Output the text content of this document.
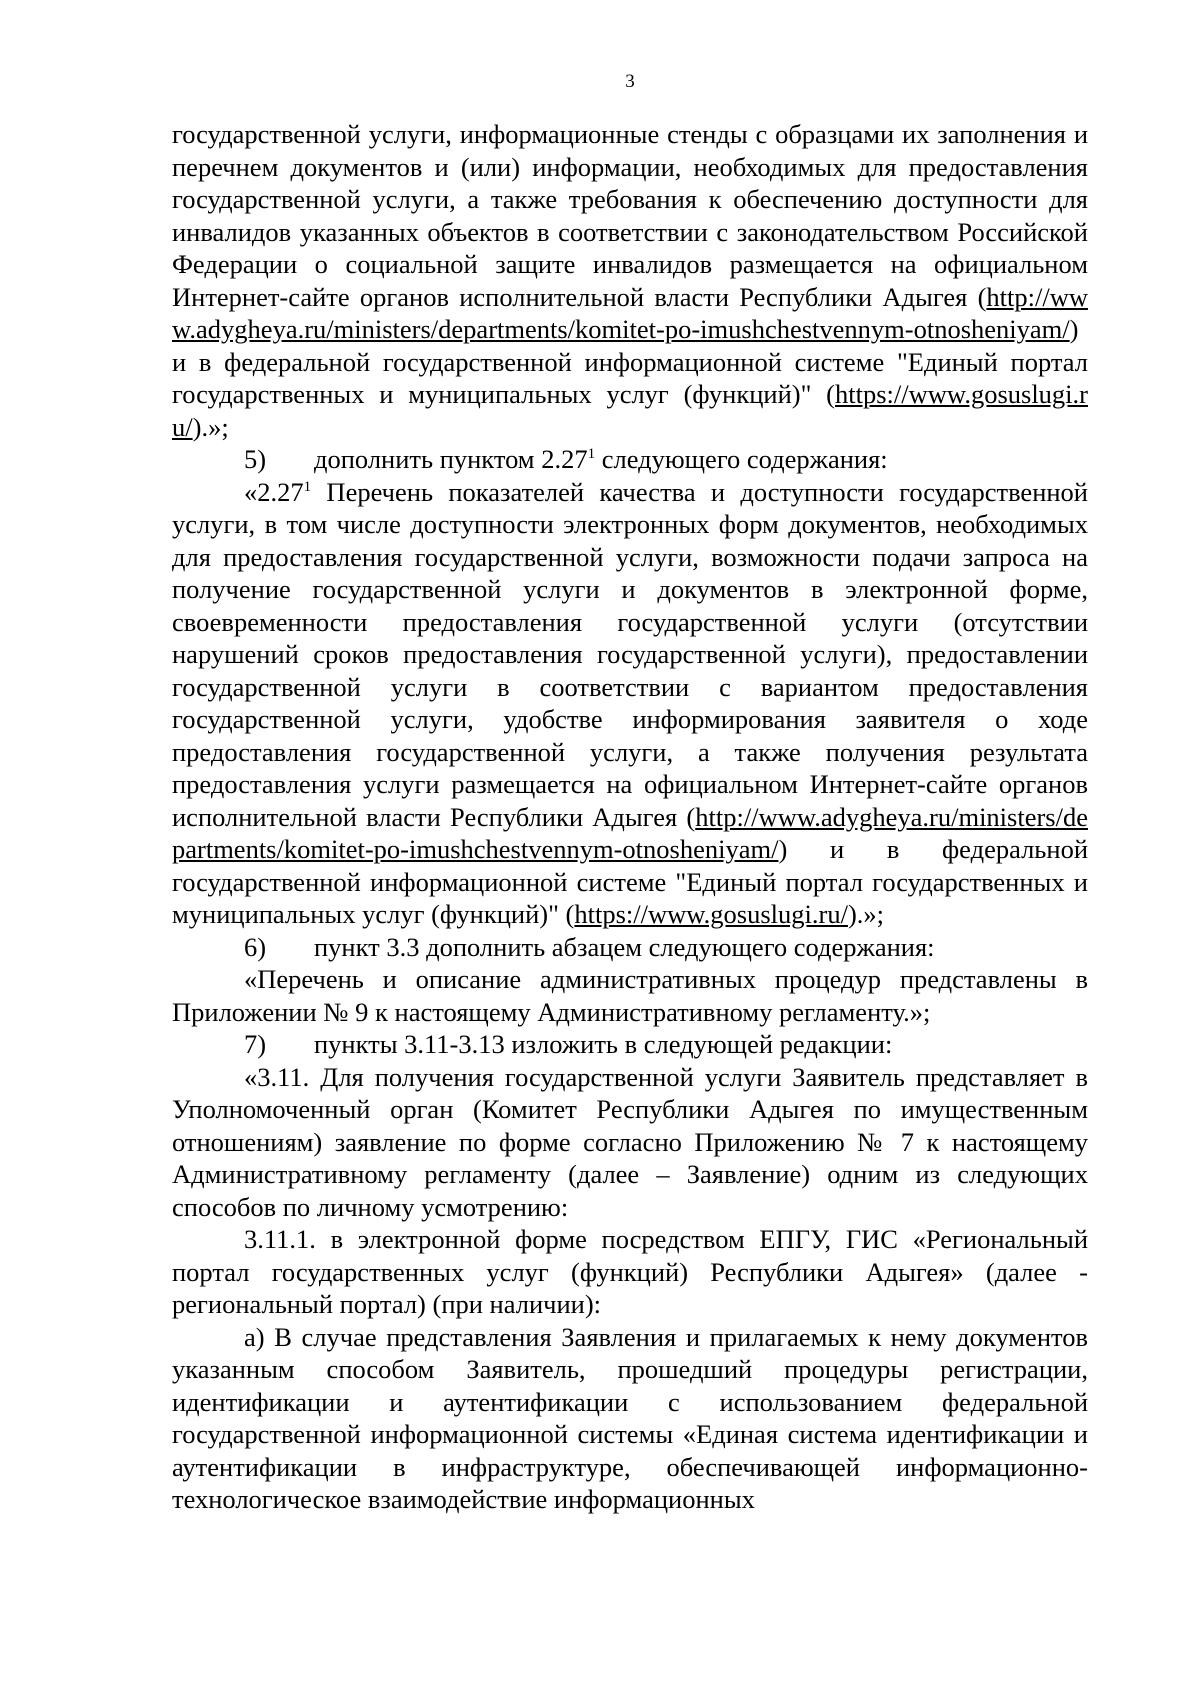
3

государственной услуги, информационные стенды с образцами их заполнения и перечнем документов и (или) информации, необходимых для предоставления государственной услуги, а также требования к обеспечению доступности для инвалидов указанных объектов в соответствии с законодательством Российской Федерации о социальной защите инвалидов размещается на официальном Интернет-сайте органов исполнительной власти Республики Адыгея (http://www.adygheya.ru/ministers/departments/komitet-po-imushchestvennym-otnosheniyam/) и в федеральной государственной информационной системе "Единый портал государственных и муниципальных услуг (функций)" (https://www.gosuslugi.ru/).»;

5) дополнить пунктом 2.27$^1$ следующего содержания:

«2.27$^1$ Перечень показателей качества и доступности государственной услуги, в том числе доступности электронных форм документов, необходимых для предоставления государственной услуги, возможности подачи запроса на получение государственной услуги и документов в электронной форме, своевременности предоставления государственной услуги (отсутствии нарушений сроков предоставления государственной услуги), предоставлении государственной услуги в соответствии с вариантом предоставления государственной услуги, удобстве информирования заявителя о ходе предоставления государственной услуги, а также получения результата предоставления услуги размещается на официальном Интернет-сайте органов исполнительной власти Республики Адыгея (http://www.adygheya.ru/ministers/departments/komitet-po-imushchestvennym-otnosheniyam/) и в федеральной государственной информационной системе "Единый портал государственных и муниципальных услуг (функций)" (https://www.gosuslugi.ru/).»;

6) пункт 3.3 дополнить абзацем следующего содержания:

«Перечень и описание административных процедур представлены в Приложении № 9 к настоящему Административному регламенту.»;

7) пункты 3.11-3.13 изложить в следующей редакции:

«3.11. Для получения государственной услуги Заявитель представляет в Уполномоченный орган (Комитет Республики Адыгея по имущественным отношениям) заявление по форме согласно Приложению № 7 к настоящему Административному регламенту (далее – Заявление) одним из следующих способов по личному усмотрению:

3.11.1. в электронной форме посредством ЕПГУ, ГИС «Региональный портал государственных услуг (функций) Республики Адыгея» (далее - региональный портал) (при наличии):

а) В случае представления Заявления и прилагаемых к нему документов указанным способом Заявитель, прошедший процедуры регистрации, идентификации и аутентификации с использованием федеральной государственной информационной системы «Единая система идентификации и аутентификации в инфраструктуре, обеспечивающей информационно-технологическое взаимодействие информационных
